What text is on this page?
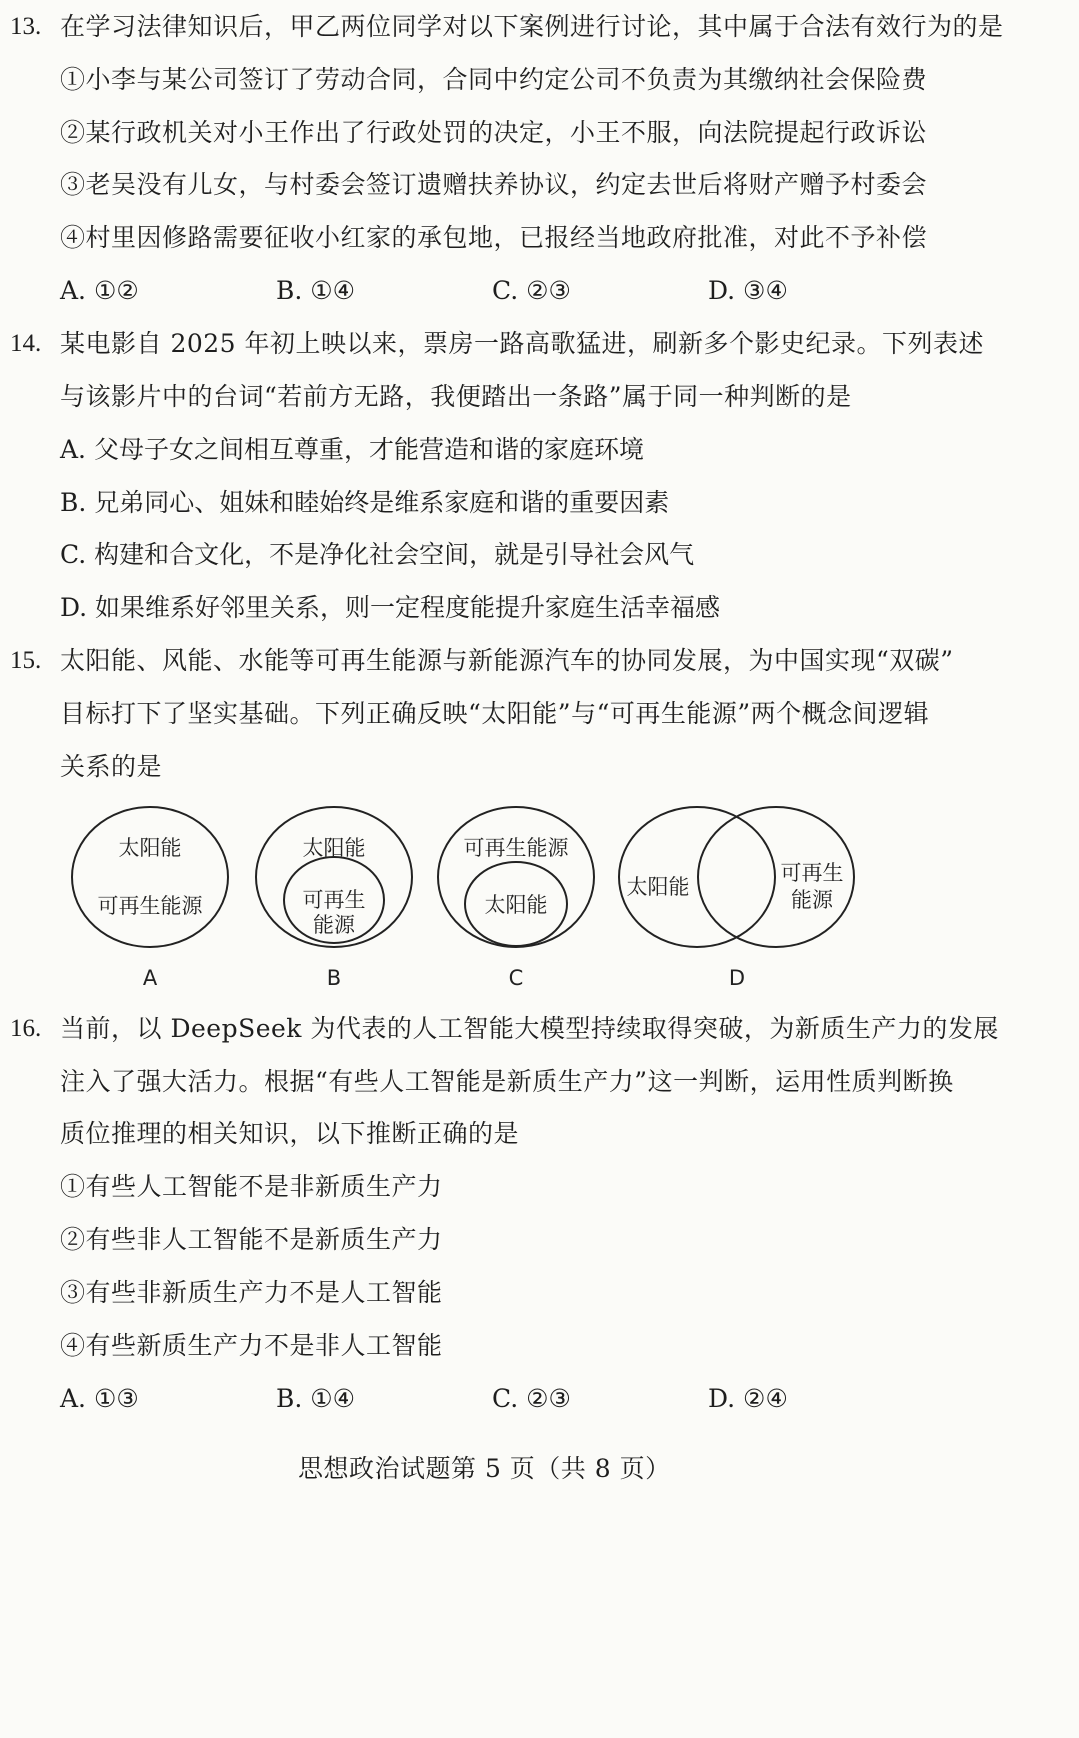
13. 在学习法律知识后，甲乙两位同学对以下案例进行讨论，其中属于合法有效行为的是
①小李与某公司签订了劳动合同，合同中约定公司不负责为其缴纳社会保险费
②某行政机关对小王作出了行政处罚的决定，小王不服，向法院提起行政诉讼
③老吴没有儿女，与村委会签订遗赠扶养协议，约定去世后将财产赠予村委会
④村里因修路需要征收小红家的承包地，已报经当地政府批准，对此不予补偿
A. ①②	B. ①④	C. ②③	D. ③④
14. 某电影自 2025 年初上映以来，票房一路高歌猛进，刷新多个影史纪录。下列表述
与该影片中的台词“若前方无路，我便踏出一条路”属于同一种判断的是
A. 父母子女之间相互尊重，才能营造和谐的家庭环境
B. 兄弟同心、姐妹和睦始终是维系家庭和谐的重要因素
C. 构建和合文化，不是净化社会空间，就是引导社会风气
D. 如果维系好邻里关系，则一定程度能提升家庭生活幸福感
15. 太阳能、风能、水能等可再生能源与新能源汽车的协同发展，为中国实现“双碳”
目标打下了坚实基础。下列正确反映“太阳能”与“可再生能源”两个概念间逻辑
关系的是
太阳能
可再生能源
A
太阳能
可再生
能源
B
可再生能源
太阳能
C
太阳能
可再生
能源
D
16. 当前，以 DeepSeek 为代表的人工智能大模型持续取得突破，为新质生产力的发展
注入了强大活力。根据“有些人工智能是新质生产力”这一判断，运用性质判断换
质位推理的相关知识，以下推断正确的是
①有些人工智能不是非新质生产力
②有些非人工智能不是新质生产力
③有些非新质生产力不是人工智能
④有些新质生产力不是非人工智能
A. ①③	B. ①④	C. ②③	D. ②④
思想政治试题第 5 页（共 8 页）
